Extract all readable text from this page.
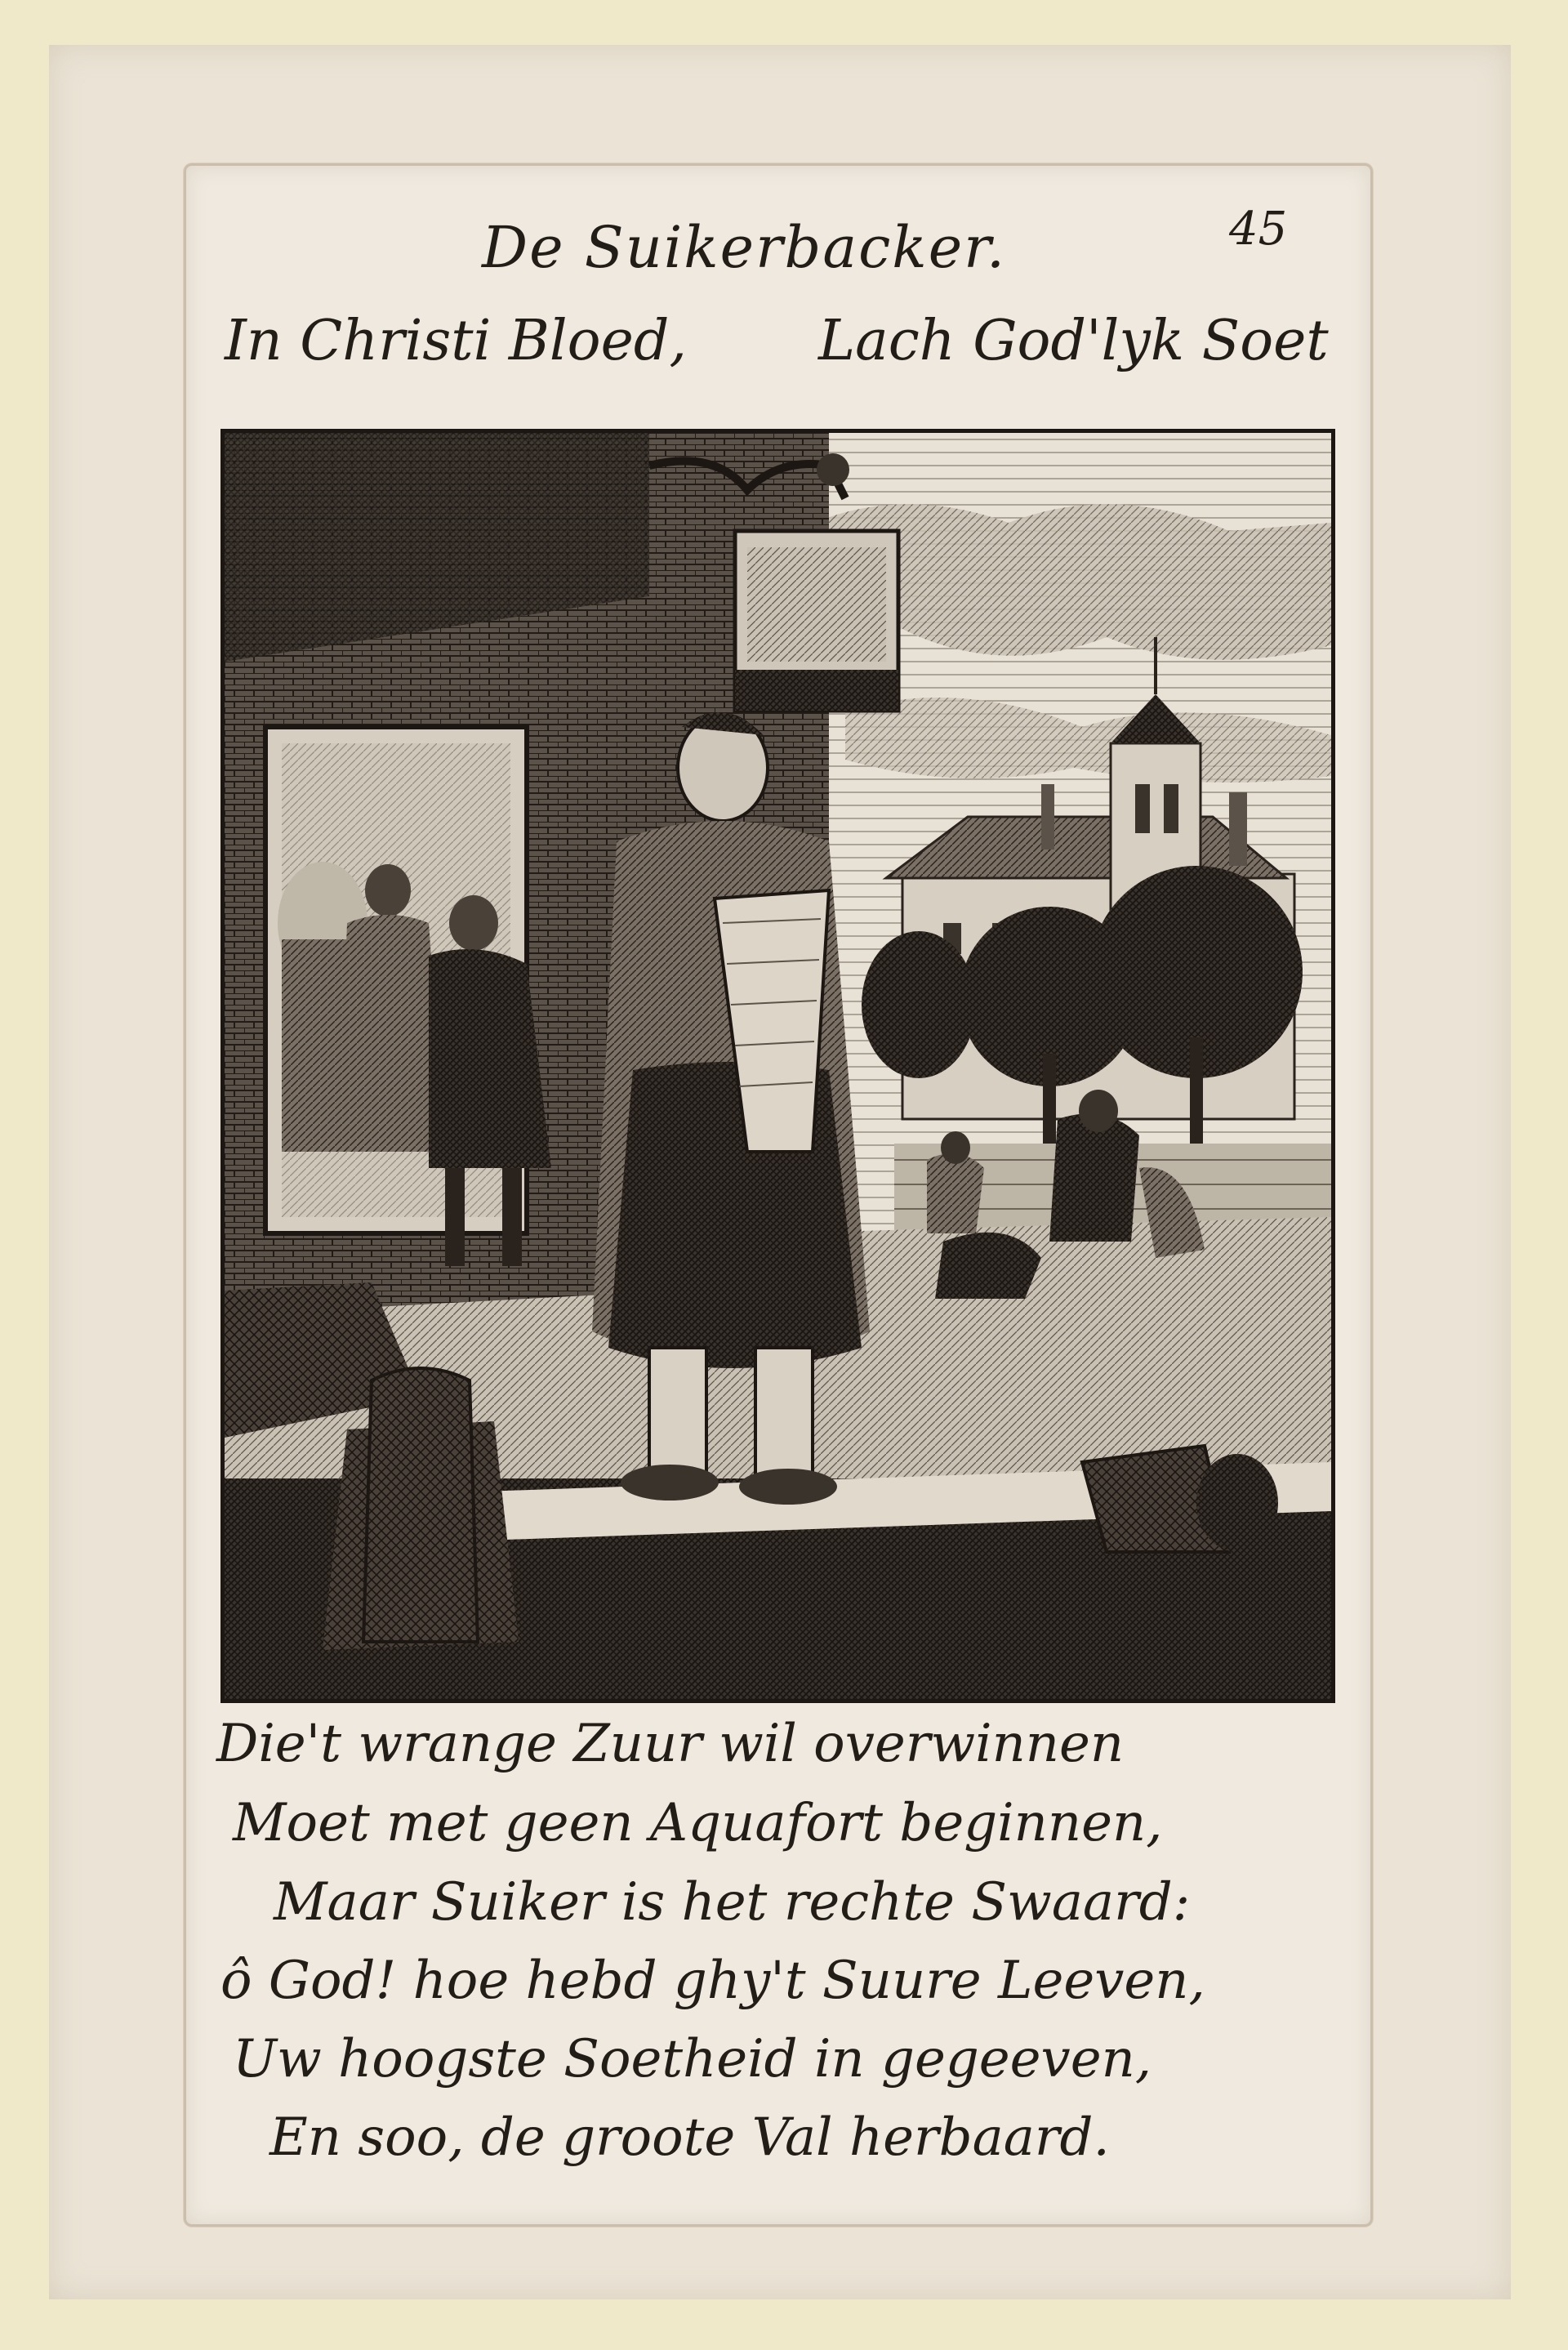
De Suikerbacker.	45
In Christi Bloed, Lach God'lyk Soet
Die't wrange Zuur wil overwinnen
Moet met geen Aquafort beginnen,
Maar Suiker is het rechte Swaard:
ô God! hoe hebd ghy't Suure Leeven,
Uw hoogste Soetheid in gegeeven,
En soo, de groote Val herbaard.
